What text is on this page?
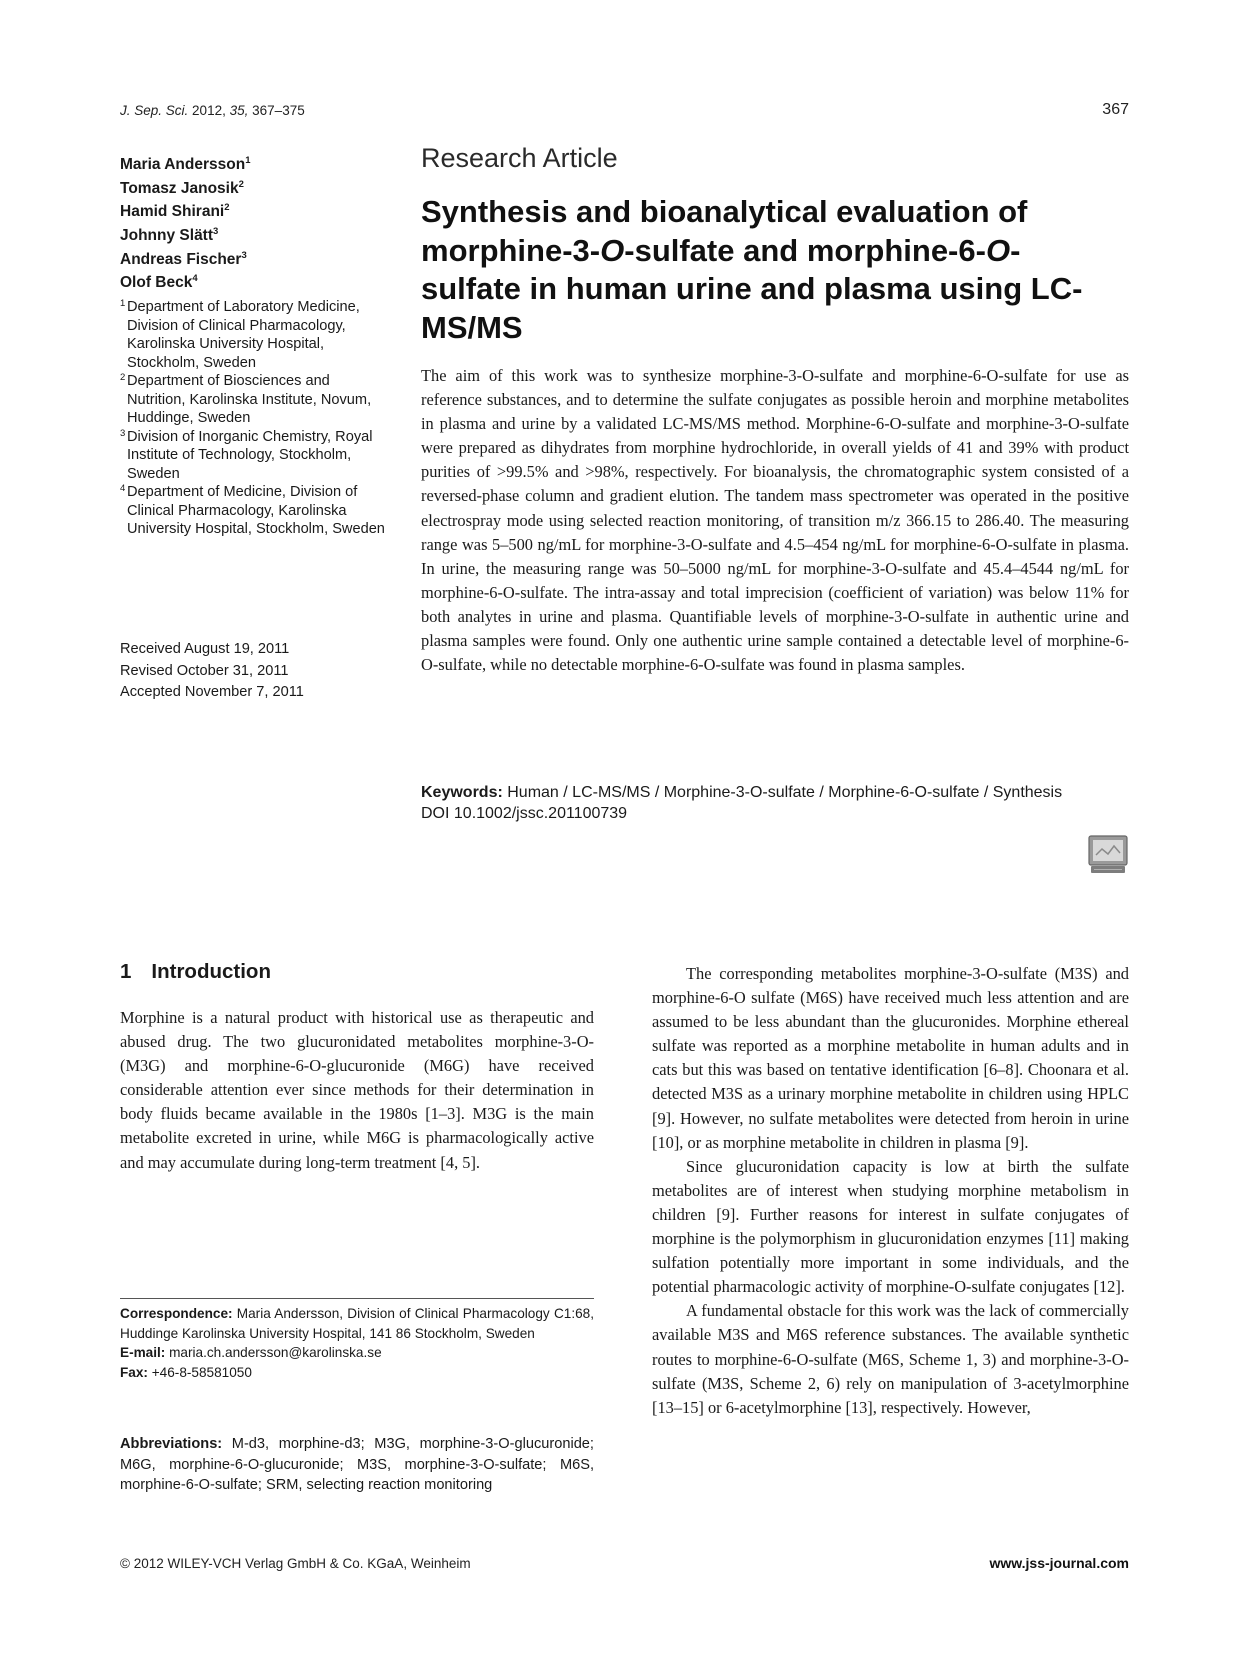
J. Sep. Sci. 2012, 35, 367–375	367
Maria Andersson$^1$
Tomasz Janosik$^2$
Hamid Shirani$^2$
Johnny Slätt$^3$
Andreas Fischer$^3$
Olof Beck$^4$
1 Department of Laboratory Medicine, Division of Clinical Pharmacology, Karolinska University Hospital, Stockholm, Sweden
2 Department of Biosciences and Nutrition, Karolinska Institute, Novum, Huddinge, Sweden
3 Division of Inorganic Chemistry, Royal Institute of Technology, Stockholm, Sweden
4 Department of Medicine, Division of Clinical Pharmacology, Karolinska University Hospital, Stockholm, Sweden
Received August 19, 2011
Revised October 31, 2011
Accepted November 7, 2011
Research Article
Synthesis and bioanalytical evaluation of morphine-3-O-sulfate and morphine-6-O-sulfate in human urine and plasma using LC-MS/MS
The aim of this work was to synthesize morphine-3-O-sulfate and morphine-6-O-sulfate for use as reference substances, and to determine the sulfate conjugates as possible heroin and morphine metabolites in plasma and urine by a validated LC-MS/MS method. Morphine-6-O-sulfate and morphine-3-O-sulfate were prepared as dihydrates from morphine hydrochloride, in overall yields of 41 and 39% with product purities of >99.5% and >98%, respectively. For bioanalysis, the chromatographic system consisted of a reversed-phase column and gradient elution. The tandem mass spectrometer was operated in the positive electrospray mode using selected reaction monitoring, of transition m/z 366.15 to 286.40. The measuring range was 5–500 ng/mL for morphine-3-O-sulfate and 4.5–454 ng/mL for morphine-6-O-sulfate in plasma. In urine, the measuring range was 50–5000 ng/mL for morphine-3-O-sulfate and 45.4–4544 ng/mL for morphine-6-O-sulfate. The intra-assay and total imprecision (coefficient of variation) was below 11% for both analytes in urine and plasma. Quantifiable levels of morphine-3-O-sulfate in authentic urine and plasma samples were found. Only one authentic urine sample contained a detectable level of morphine-6-O-sulfate, while no detectable morphine-6-O-sulfate was found in plasma samples.
Keywords: Human / LC-MS/MS / Morphine-3-O-sulfate / Morphine-6-O-sulfate / Synthesis
DOI 10.1002/jssc.201100739
1 Introduction

Morphine is a natural product with historical use as therapeutic and abused drug. The two glucuronidated metabolites morphine-3-O- (M3G) and morphine-6-O-glucuronide (M6G) have received considerable attention ever since methods for their determination in body fluids became available in the 1980s [1–3]. M3G is the main metabolite excreted in urine, while M6G is pharmacologically active and may accumulate during long-term treatment [4, 5].

The corresponding metabolites morphine-3-O-sulfate (M3S) and morphine-6-O sulfate (M6S) have received much less attention and are assumed to be less abundant than the glucuronides. Morphine ethereal sulfate was reported as a morphine metabolite in human adults and in cats but this was based on tentative identification [6–8]. Choonara et al. detected M3S as a urinary morphine metabolite in children using HPLC [9]. However, no sulfate metabolites were detected from heroin in urine [10], or as morphine metabolite in children in plasma [9].

Since glucuronidation capacity is low at birth the sulfate metabolites are of interest when studying morphine metabolism in children [9]. Further reasons for interest in sulfate conjugates of morphine is the polymorphism in glucuronidation enzymes [11] making sulfation potentially more important in some individuals, and the potential pharmacologic activity of morphine-O-sulfate conjugates [12].

A fundamental obstacle for this work was the lack of commercially available M3S and M6S reference substances. The available synthetic routes to morphine-6-O-sulfate (M6S, Scheme 1, 3) and morphine-3-O-sulfate (M3S, Scheme 2, 6) rely on manipulation of 3-acetylmorphine [13–15] or 6-acetylmorphine [13], respectively. However,

Correspondence: Maria Andersson, Division of Clinical Pharmacology C1:68, Huddinge Karolinska University Hospital, 141 86 Stockholm, Sweden
E-mail: maria.ch.andersson@karolinska.se
Fax: +46-8-58581050
Abbreviations: M-d3, morphine-d3; M3G, morphine-3-O-glucuronide; M6G, morphine-6-O-glucuronide; M3S, morphine-3-O-sulfate; M6S, morphine-6-O-sulfate; SRM, selecting reaction monitoring
© 2012 WILEY-VCH Verlag GmbH & Co. KGaA, Weinheim	www.jss-journal.com
